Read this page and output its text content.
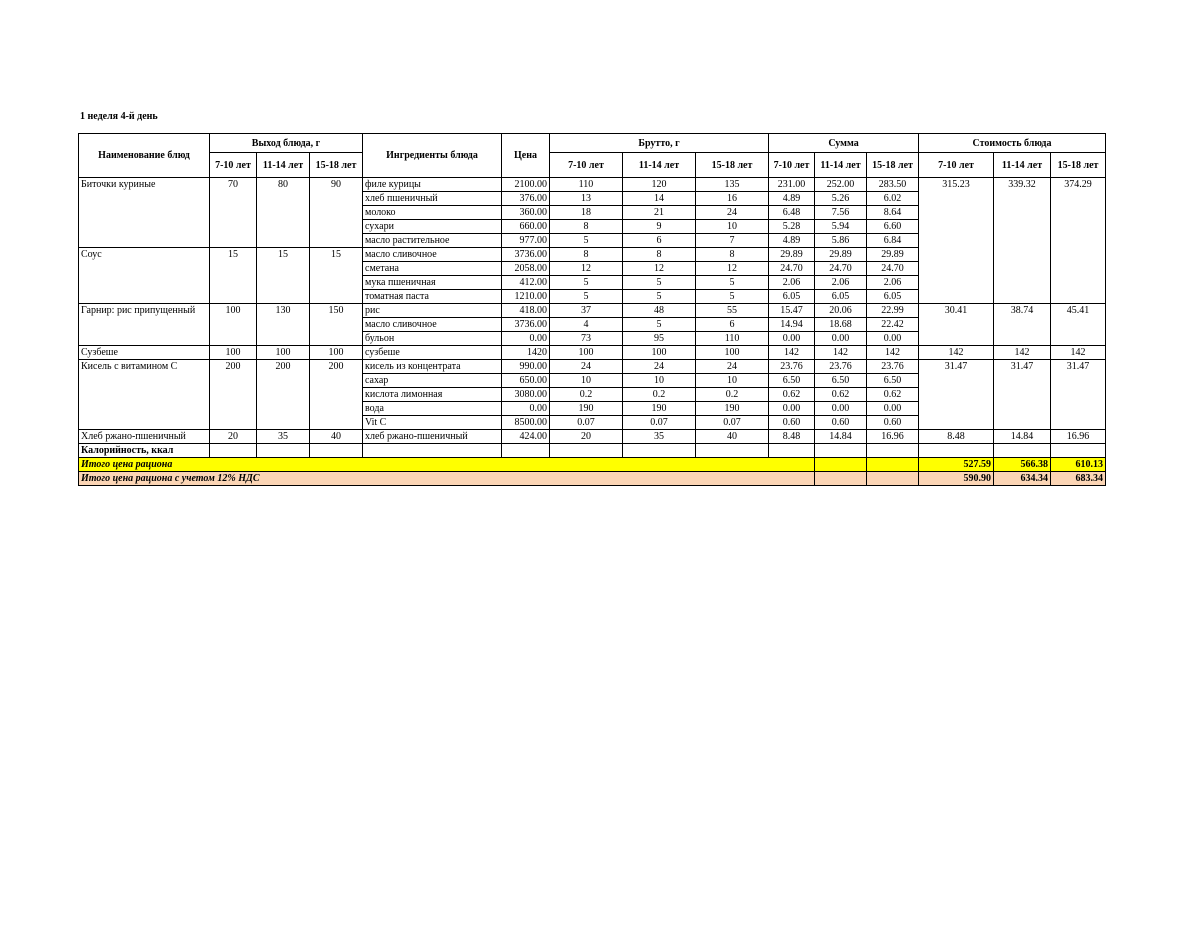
1 неделя 4-й день
Наименование блюд	Выход блюда, г			Ингредиенты блюда	Цена	Брутто, г			Сумма			Стоимость блюда		
	7-10 лет	11-14 лет	15-18 лет			7-10 лет	11-14 лет	15-18 лет	7-10 лет	11-14 лет	15-18 лет	7-10 лет	11-14 лет	15-18 лет
Биточки куриные	70	80	90	филе курицы	2100.00	110	120	135	231.00	252.00	283.50	315.23	339.32	374.29
				хлеб пшеничный	376.00	13	14	16	4.89	5.26	6.02			
				молоко	360.00	18	21	24	6.48	7.56	8.64			
				сухари	660.00	8	9	10	5.28	5.94	6.60			
				масло растительное	977.00	5	6	7	4.89	5.86	6.84			
Соус	15	15	15	масло сливочное	3736.00	8	8	8	29.89	29.89	29.89			
				сметана	2058.00	12	12	12	24.70	24.70	24.70			
				мука пшеничная	412.00	5	5	5	2.06	2.06	2.06			
				томатная паста	1210.00	5	5	5	6.05	6.05	6.05			
Гарнир: рис припущенный	100	130	150	рис	418.00	37	48	55	15.47	20.06	22.99	30.41	38.74	45.41
				масло сливочное	3736.00	4	5	6	14.94	18.68	22.42			
				бульон	0.00	73	95	110	0.00	0.00	0.00			
Сузбеше	100	100	100	сузбеше	1420	100	100	100	142	142	142	142	142	142
Кисель с витамином С	200	200	200	кисель из концентрата	990.00	24	24	24	23.76	23.76	23.76	31.47	31.47	31.47
				сахар	650.00	10	10	10	6.50	6.50	6.50			
				кислота лимонная	3080.00	0.2	0.2	0.2	0.62	0.62	0.62			
				вода	0.00	190	190	190	0.00	0.00	0.00			
				Vit C	8500.00	0.07	0.07	0.07	0.60	0.60	0.60			
Хлеб ржано-пшеничный	20	35	40	хлеб ржано-пшеничный	424.00	20	35	40	8.48	14.84	16.96	8.48	14.84	16.96
Калорийность, ккал														
Итого цена рациона												527.59	566.38	610.13
Итого цена рациона с учетом 12% НДС												590.90	634.34	683.34
